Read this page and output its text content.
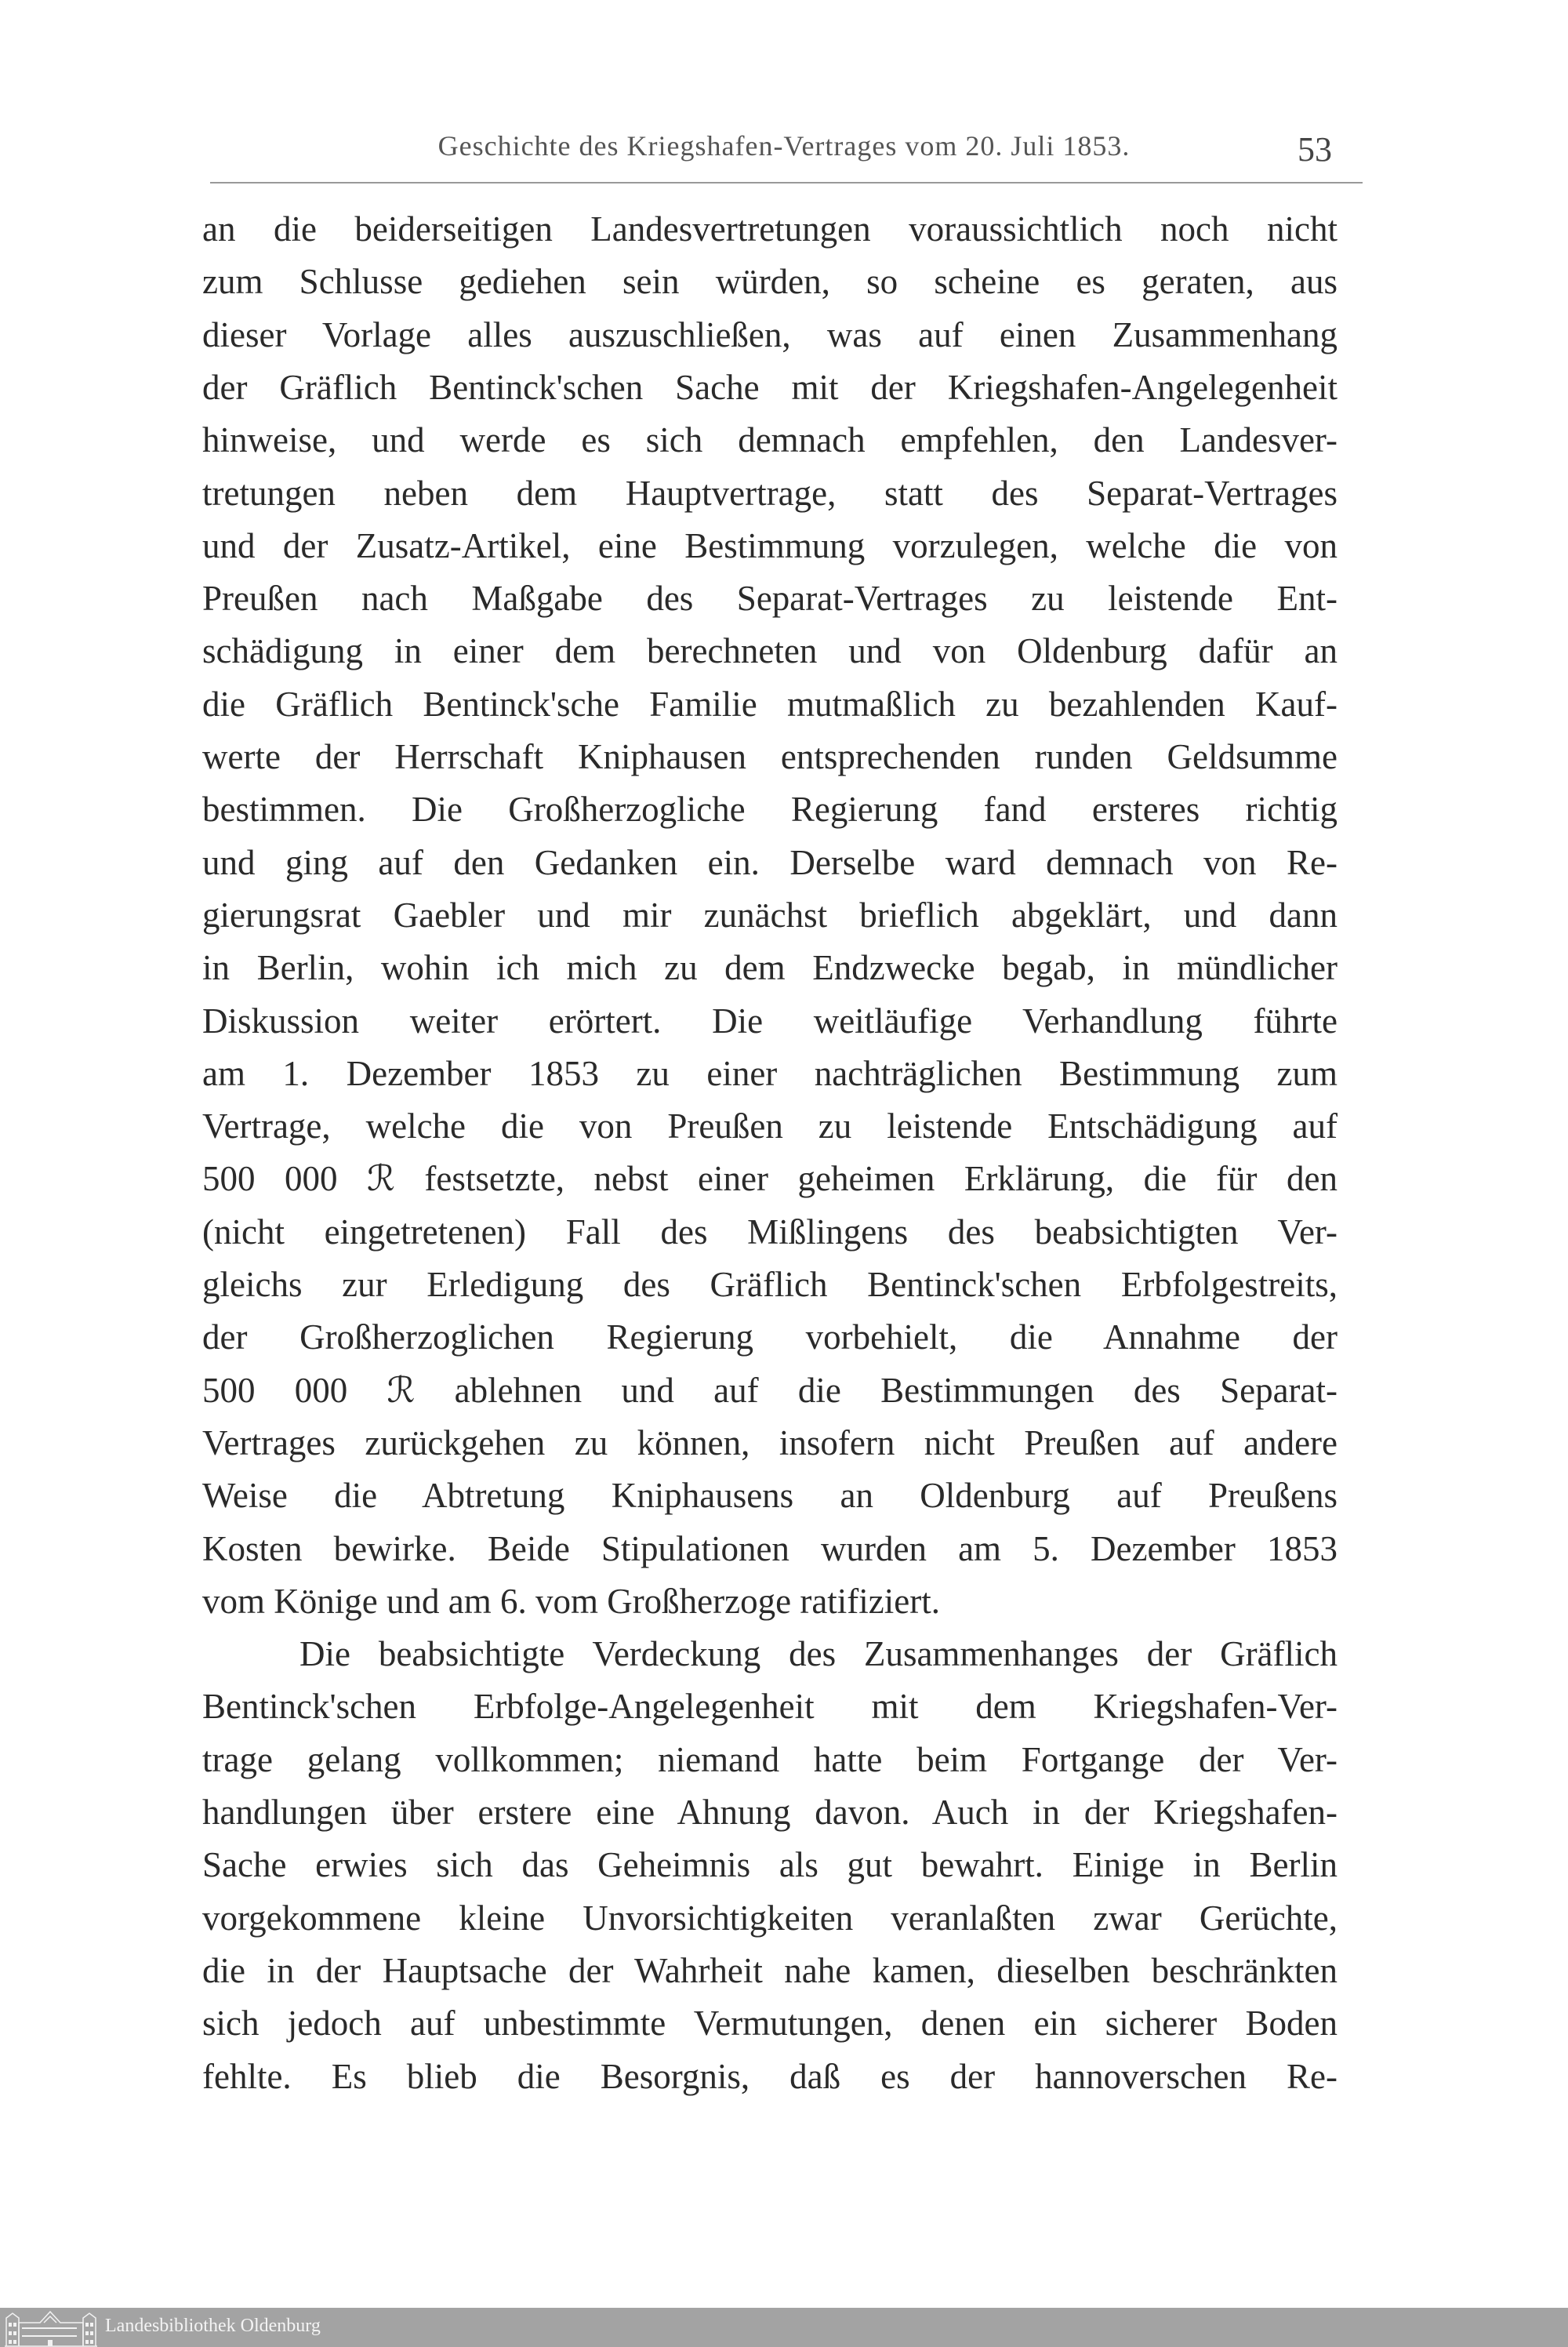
Geschichte des Kriegshafen-Vertrages vom 20. Juli 1853.	53
an die beiderseitigen Landesvertretungen voraussichtlich noch nicht
zum Schlusse gediehen sein würden, so scheine es geraten, aus
dieser Vorlage alles auszuschließen, was auf einen Zusammenhang
der Gräflich Bentinck'schen Sache mit der Kriegshafen-Angelegenheit
hinweise, und werde es sich demnach empfehlen, den Landesver-
tretungen neben dem Hauptvertrage, statt des Separat-Vertrages
und der Zusatz-Artikel, eine Bestimmung vorzulegen, welche die von
Preußen nach Maßgabe des Separat-Vertrages zu leistende Ent-
schädigung in einer dem berechneten und von Oldenburg dafür an
die Gräflich Bentinck'sche Familie mutmaßlich zu bezahlenden Kauf-
werte der Herrschaft Kniphausen entsprechenden runden Geldsumme
bestimmen. Die Großherzogliche Regierung fand ersteres richtig
und ging auf den Gedanken ein. Derselbe ward demnach von Re-
gierungsrat Gaebler und mir zunächst brieflich abgeklärt, und dann
in Berlin, wohin ich mich zu dem Endzwecke begab, in mündlicher
Diskussion weiter erörtert. Die weitläufige Verhandlung führte
am 1. Dezember 1853 zu einer nachträglichen Bestimmung zum
Vertrage, welche die von Preußen zu leistende Entschädigung auf
500 000 ℛ festsetzte, nebst einer geheimen Erklärung, die für den
(nicht eingetretenen) Fall des Mißlingens des beabsichtigten Ver-
gleichs zur Erledigung des Gräflich Bentinck'schen Erbfolgestreits,
der Großherzoglichen Regierung vorbehielt, die Annahme der
500 000 ℛ ablehnen und auf die Bestimmungen des Separat-
Vertrages zurückgehen zu können, insofern nicht Preußen auf andere
Weise die Abtretung Kniphausens an Oldenburg auf Preußens
Kosten bewirke. Beide Stipulationen wurden am 5. Dezember 1853
vom Könige und am 6. vom Großherzoge ratifiziert.
Die beabsichtigte Verdeckung des Zusammenhanges der Gräflich
Bentinck'schen Erbfolge-Angelegenheit mit dem Kriegshafen-Ver-
trage gelang vollkommen; niemand hatte beim Fortgange der Ver-
handlungen über erstere eine Ahnung davon. Auch in der Kriegshafen-
Sache erwies sich das Geheimnis als gut bewahrt. Einige in Berlin
vorgekommene kleine Unvorsichtigkeiten veranlaßten zwar Gerüchte,
die in der Hauptsache der Wahrheit nahe kamen, dieselben beschränkten
sich jedoch auf unbestimmte Vermutungen, denen ein sicherer Boden
fehlte. Es blieb die Besorgnis, daß es der hannoverschen Re-
Landesbibliothek Oldenburg
